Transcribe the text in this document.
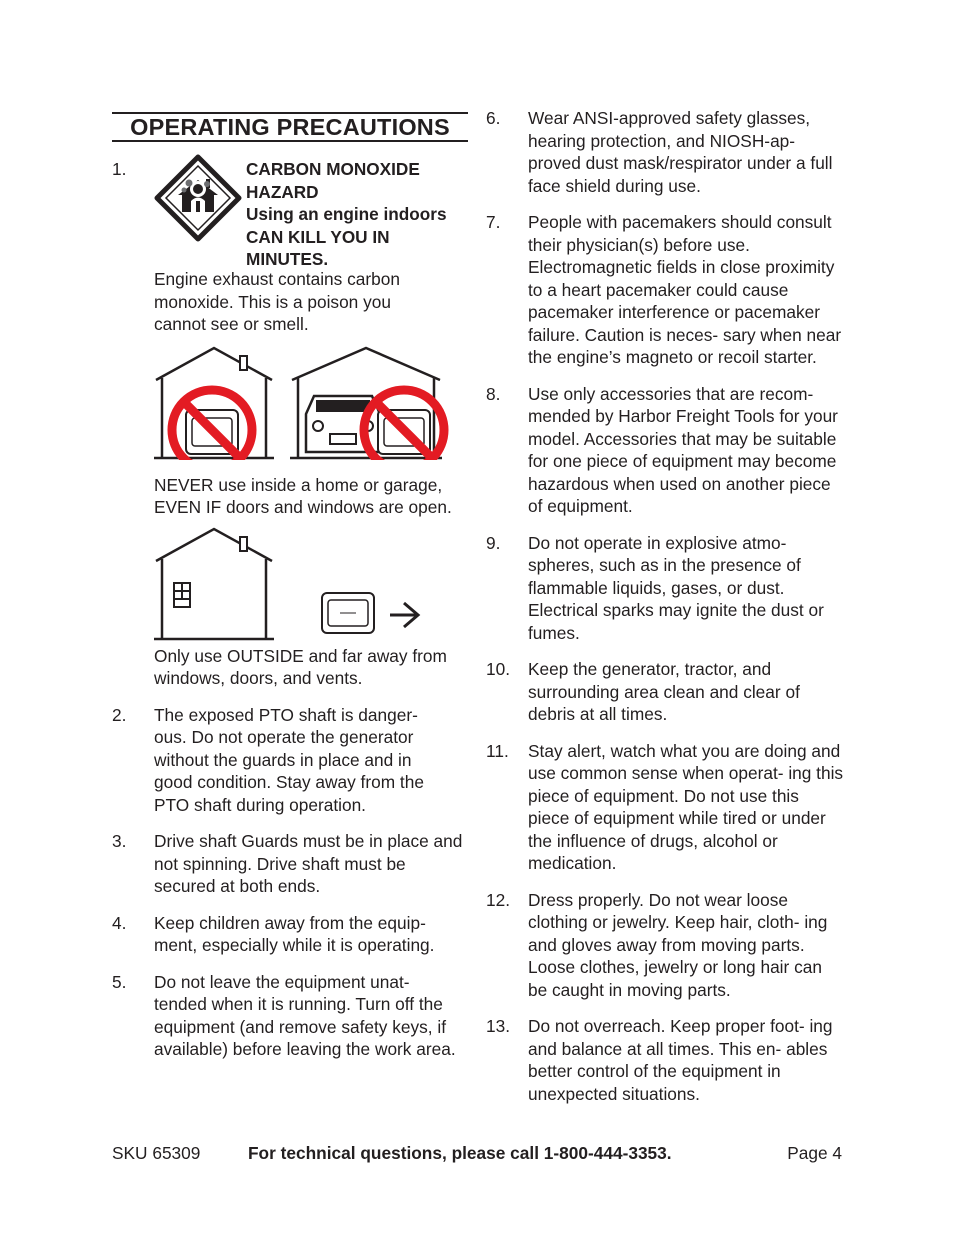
OPERATING PRECAUTIONS
1.	CARBON MONOXIDE
HAZARD
Using an engine indoors
CAN KILL YOU IN
MINUTES.
Engine exhaust contains carbon monoxide. This is a poison you cannot see or smell.
NEVER use inside a home or garage, EVEN IF doors and windows are open.
Only use OUTSIDE and far away from windows, doors, and vents.
2. The exposed PTO shaft is danger- ous. Do not operate the generator without the guards in place and in good condition. Stay away from the PTO shaft during operation.
3. Drive shaft Guards must be in place and not spinning. Drive shaft must be secured at both ends.
4. Keep children away from the equip- ment, especially while it is operating.
5. Do not leave the equipment unat- tended when it is running. Turn off the equipment (and remove safety keys, if available) before leaving the work area.
6. Wear ANSI-approved safety glasses, hearing protection, and NIOSH-ap- proved dust mask/respirator under a full face shield during use.
7. People with pacemakers should consult their physician(s) before use. Electromagnetic fields in close proximity to a heart pacemaker could cause pacemaker interference or pacemaker failure. Caution is neces- sary when near the engine’s magneto or recoil starter.
8. Use only accessories that are recom- mended by Harbor Freight Tools for your model. Accessories that may be suitable for one piece of equipment may become hazardous when used on another piece of equipment.
9. Do not operate in explosive atmo- spheres, such as in the presence of flammable liquids, gases, or dust. Electrical sparks may ignite the dust or fumes.
10. Keep the generator, tractor, and surrounding area clean and clear of debris at all times.
11. Stay alert, watch what you are doing and use common sense when operat- ing this piece of equipment. Do not use this piece of equipment while tired or under the influence of drugs, alcohol or medication.
12. Dress properly. Do not wear loose clothing or jewelry. Keep hair, cloth- ing and gloves away from moving parts. Loose clothes, jewelry or long hair can be caught in moving parts.
13. Do not overreach. Keep proper foot- ing and balance at all times. This en- ables better control of the equipment in unexpected situations.
SKU 65309	For technical questions, please call 1-800-444-3353.	Page 4
